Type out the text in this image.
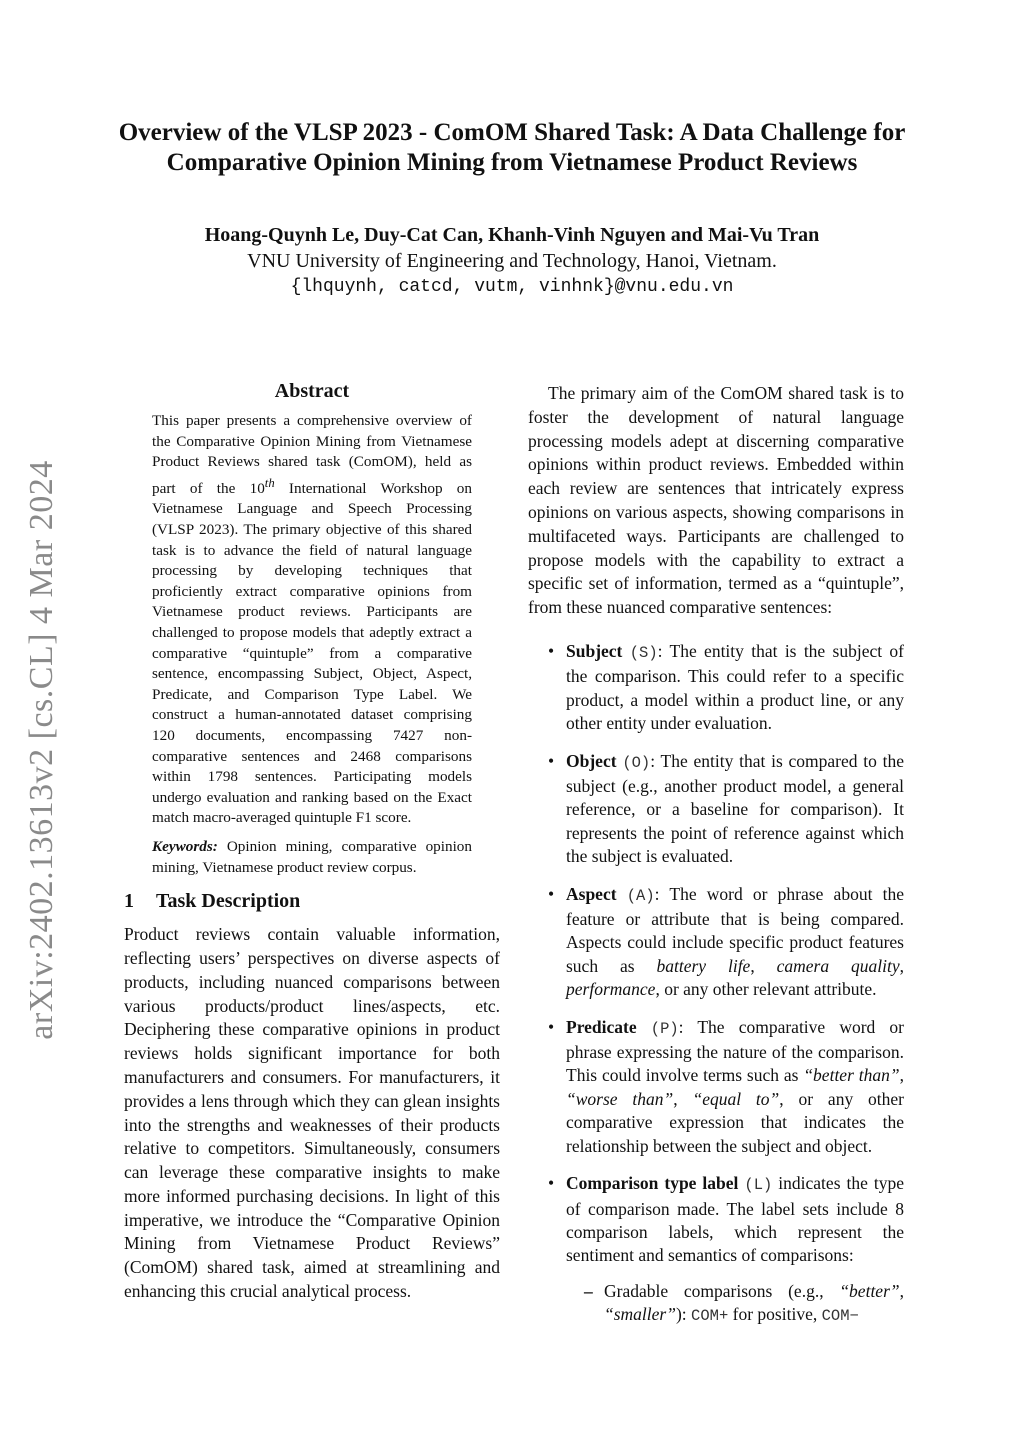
arXiv:2402.13613v2 [cs.CL] 4 Mar 2024
Overview of the VLSP 2023 - ComOM Shared Task: A Data Challenge for Comparative Opinion Mining from Vietnamese Product Reviews
Hoang-Quynh Le, Duy-Cat Can, Khanh-Vinh Nguyen and Mai-Vu Tran
VNU University of Engineering and Technology, Hanoi, Vietnam.
{lhquynh, catcd, vutm, vinhnk}@vnu.edu.vn
Abstract

This paper presents a comprehensive overview of the Comparative Opinion Mining from Vietnamese Product Reviews shared task (ComOM), held as part of the 10th International Workshop on Vietnamese Language and Speech Processing (VLSP 2023). The primary objective of this shared task is to advance the field of natural language processing by developing techniques that proficiently extract comparative opinions from Vietnamese product reviews. Participants are challenged to propose models that adeptly extract a comparative “quintuple” from a comparative sentence, encompassing Subject, Object, Aspect, Predicate, and Comparison Type Label. We construct a human-annotated dataset comprising 120 documents, encompassing 7427 non-comparative sentences and 2468 comparisons within 1798 sentences. Participating models undergo evaluation and ranking based on the Exact match macro-averaged quintuple F1 score.

Keywords: Opinion mining, comparative opinion mining, Vietnamese product review corpus.

1 Task Description

Product reviews contain valuable information, reflecting users’ perspectives on diverse aspects of products, including nuanced comparisons between various products/product lines/aspects, etc. Deciphering these comparative opinions in product reviews holds significant importance for both manufacturers and consumers. For manufacturers, it provides a lens through which they can glean insights into the strengths and weaknesses of their products relative to competitors. Simultaneously, consumers can leverage these comparative insights to make more informed purchasing decisions. In light of this imperative, we introduce the “Comparative Opinion Mining from Vietnamese Product Reviews” (ComOM) shared task, aimed at streamlining and enhancing this crucial analytical process.

The primary aim of the ComOM shared task is to foster the development of natural language processing models adept at discerning comparative opinions within product reviews. Embedded within each review are sentences that intricately express opinions on various aspects, showing comparisons in multifaceted ways. Participants are challenged to propose models with the capability to extract a specific set of information, termed as a “quintuple”, from these nuanced comparative sentences:

• Subject (S): The entity that is the subject of the comparison. This could refer to a specific product, a model within a product line, or any other entity under evaluation.
• Object (O): The entity that is compared to the subject (e.g., another product model, a general reference, or a baseline for comparison). It represents the point of reference against which the subject is evaluated.
• Aspect (A): The word or phrase about the feature or attribute that is being compared. Aspects could include specific product features such as battery life, camera quality, performance, or any other relevant attribute.
• Predicate (P): The comparative word or phrase expressing the nature of the comparison. This could involve terms such as “better than”, “worse than”, “equal to”, or any other comparative expression that indicates the relationship between the subject and object.
• Comparison type label (L) indicates the type of comparison made. The label sets include 8 comparison labels, which represent the sentiment and semantics of comparisons:
– Gradable comparisons (e.g., “better”, “smaller”): COM+ for positive, COM−
